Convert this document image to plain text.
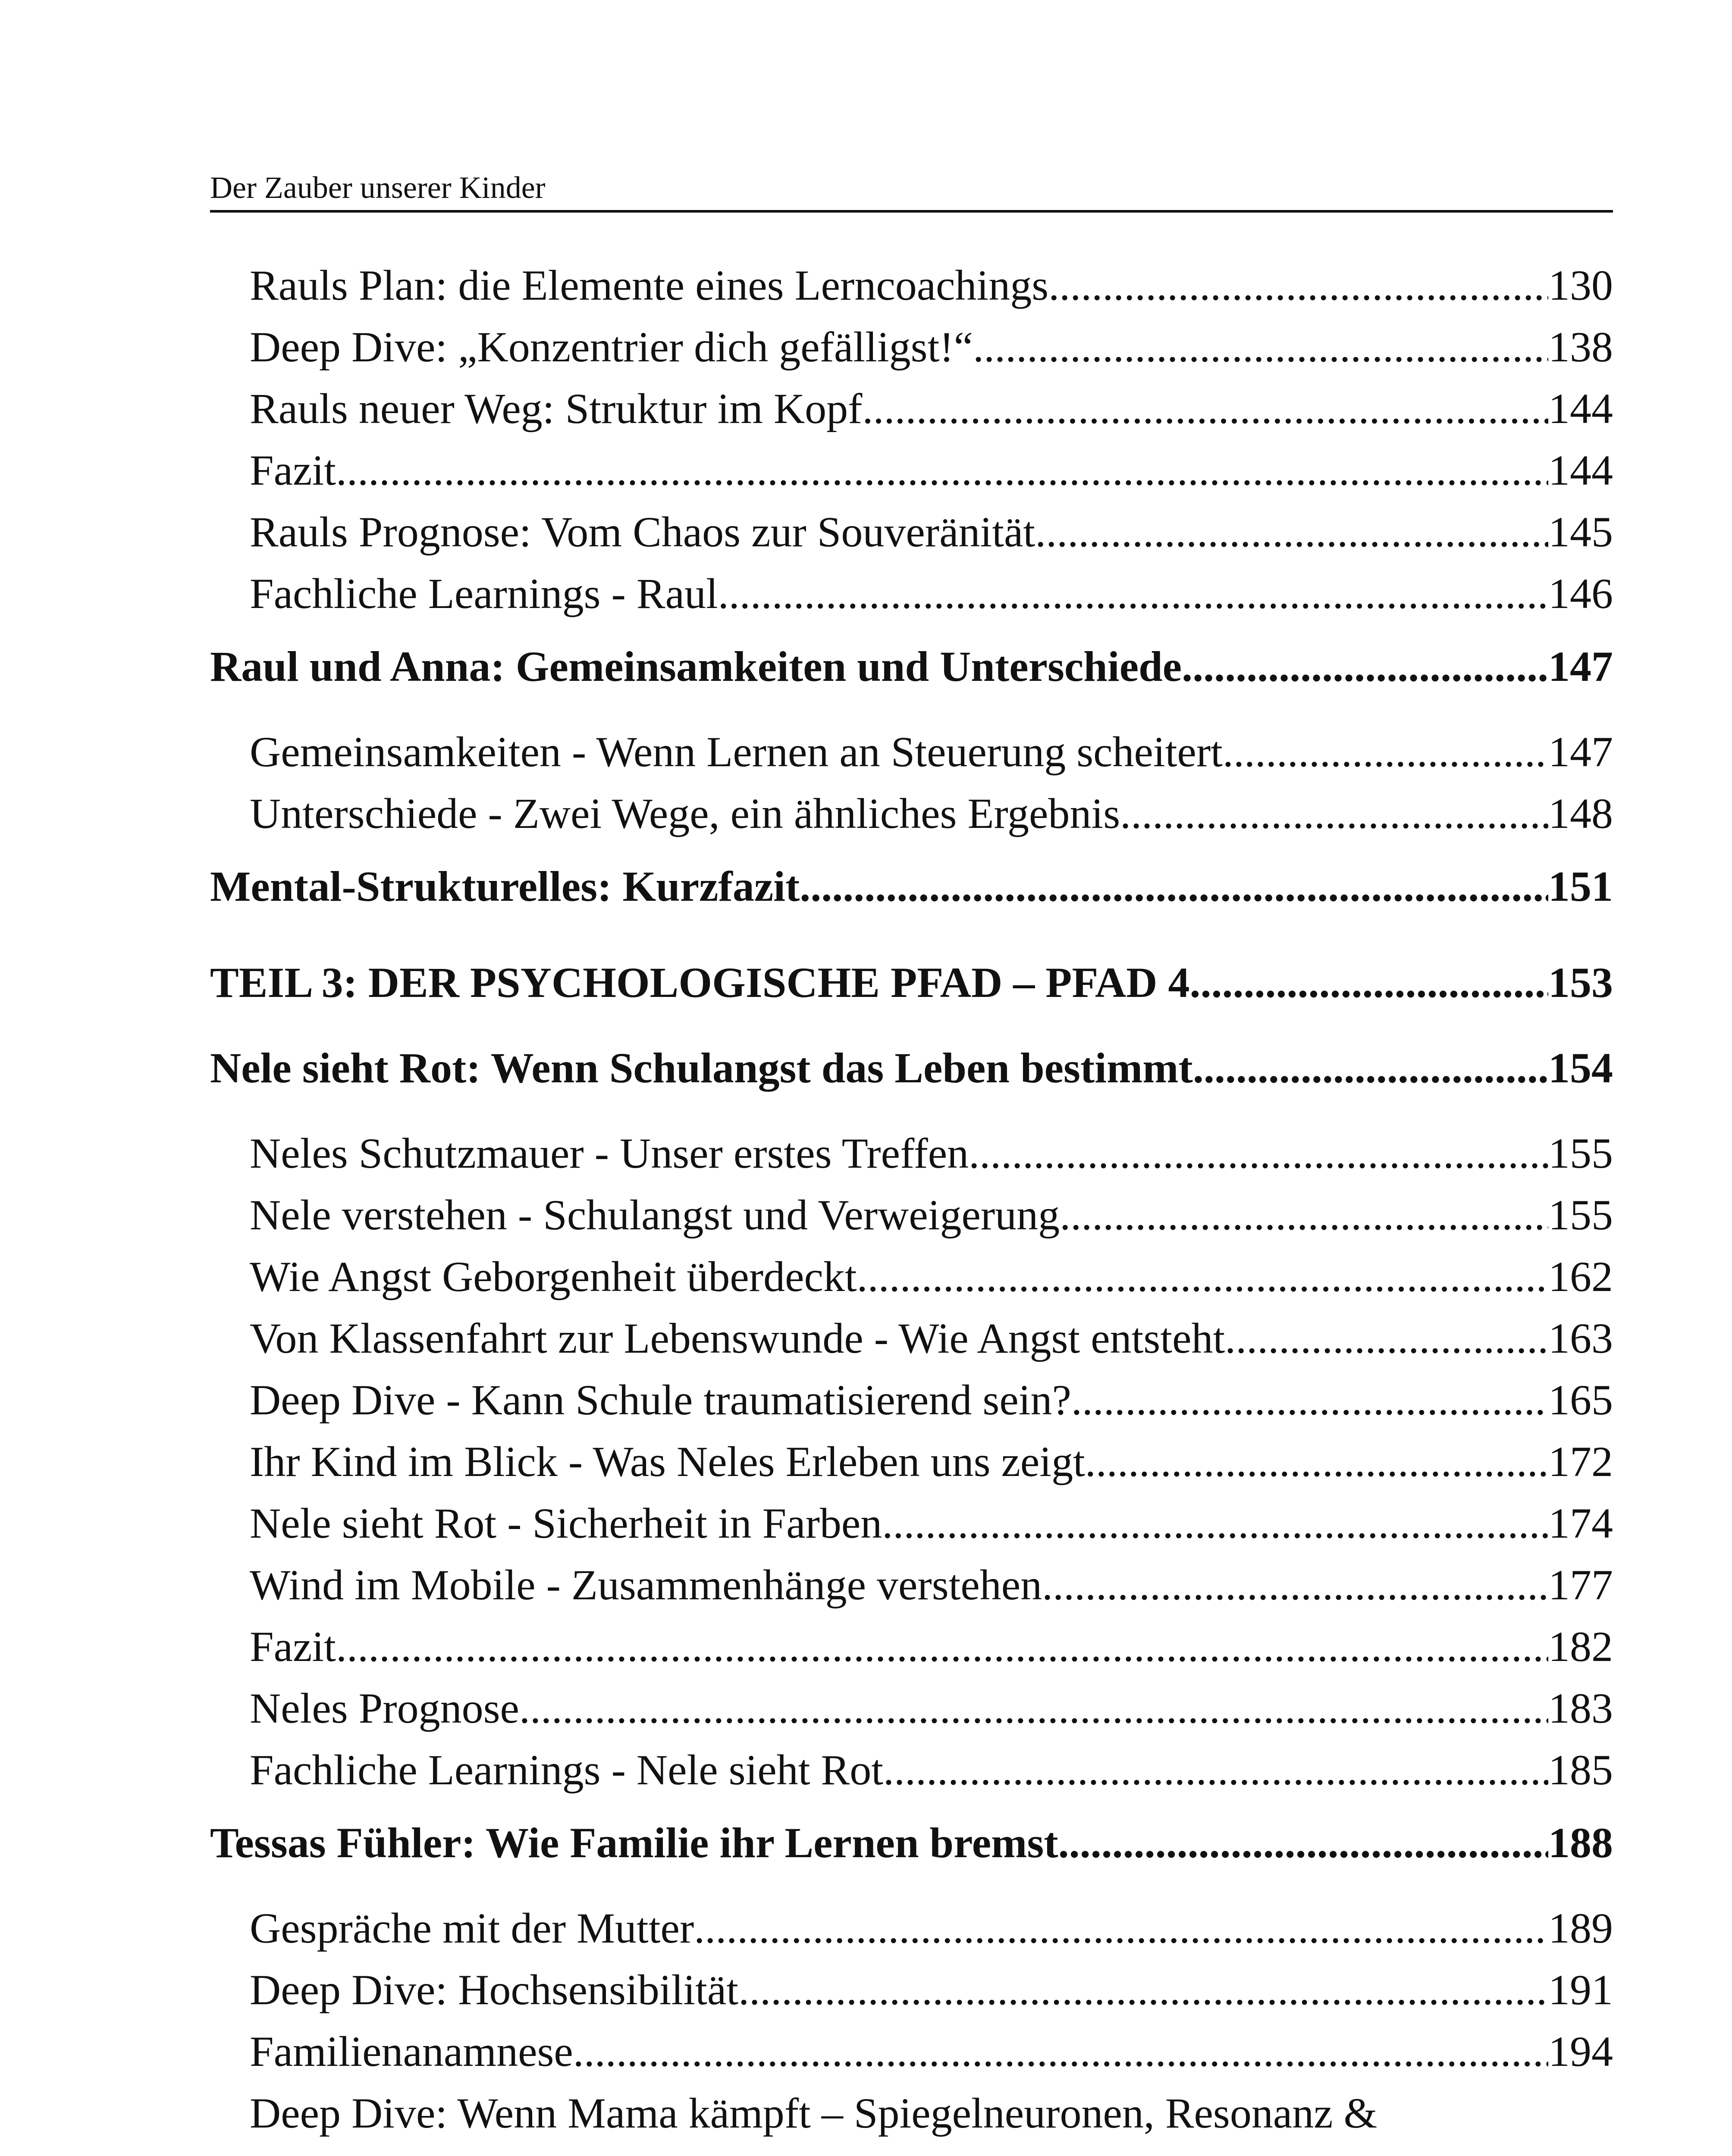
Der Zauber unserer Kinder
Rauls Plan: die Elemente eines Lerncoachings .....	130
Deep Dive: „Konzentrier dich gefälligst!“ .....	138
Rauls neuer Weg: Struktur im Kopf .....	144
Fazit .....	144
Rauls Prognose: Vom Chaos zur Souveränität .....	145
Fachliche Learnings - Raul .....	146
Raul und Anna: Gemeinsamkeiten und Unterschiede .....	147
Gemeinsamkeiten - Wenn Lernen an Steuerung scheitert .....	147
Unterschiede - Zwei Wege, ein ähnliches Ergebnis .....	148
Mental-Strukturelles: Kurzfazit .....	151
TEIL 3: DER PSYCHOLOGISCHE PFAD – PFAD 4 .....	153
Nele sieht Rot: Wenn Schulangst das Leben bestimmt .....	154
Neles Schutzmauer - Unser erstes Treffen .....	155
Nele verstehen - Schulangst und Verweigerung .....	155
Wie Angst Geborgenheit überdeckt .....	162
Von Klassenfahrt zur Lebenswunde - Wie Angst entsteht .....	163
Deep Dive - Kann Schule traumatisierend sein? .....	165
Ihr Kind im Blick - Was Neles Erleben uns zeigt .....	172
Nele sieht Rot - Sicherheit in Farben .....	174
Wind im Mobile - Zusammenhänge verstehen .....	177
Fazit .....	182
Neles Prognose .....	183
Fachliche Learnings - Nele sieht Rot .....	185
Tessas Fühler: Wie Familie ihr Lernen bremst .....	188
Gespräche mit der Mutter .....	189
Deep Dive: Hochsensibilität .....	191
Familienanamnese .....	194
Deep Dive: Wenn Mama kämpft – Spiegelneuronen, Resonanz &
